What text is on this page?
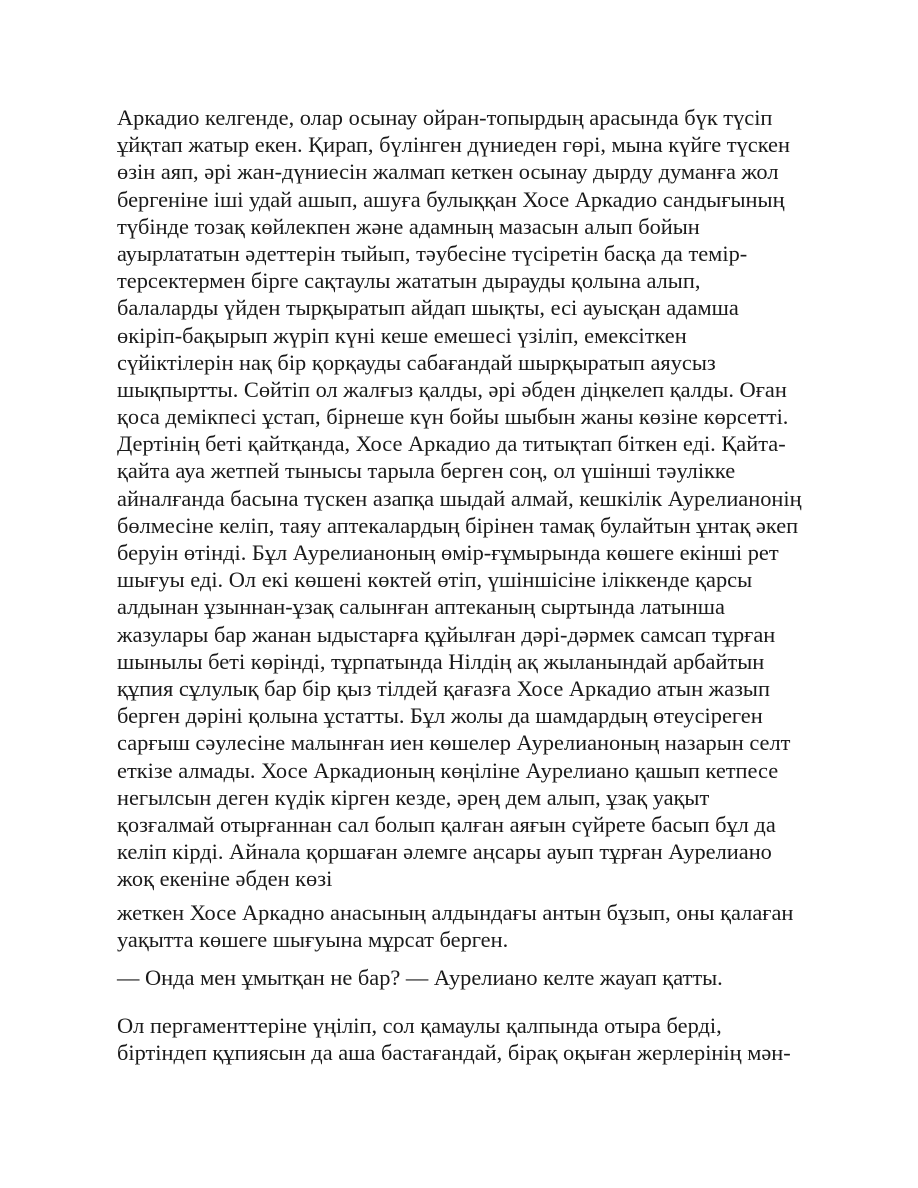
Аркадио келгенде, олар осынау ойран-топырдың арасында бүк түсіп
ұйқтап жатыр екен. Қирап, бүлінген дүниеден гөрі, мына күйге түскен
өзін аяп, әрі жан-дүниесін жалмап кеткен осынау дырду думанға жол
бергеніне іші удай ашып, ашуға булыққан Хосе Аркадио сандығының
түбінде тозақ көйлекпен және адамның мазасын алып бойын
ауырлататын әдеттерін тыйып, тәубесіне түсіретін басқа да темір-
терсектермен бірге сақтаулы жататын дырауды қолына алып,
балаларды үйден тырқыратып айдап шықты, есі ауысқан адамша
өкіріп-бақырып жүріп күні кеше емешесі үзіліп, емексіткен
сүйіктілерін нақ бір қорқауды сабағандай шырқыратып аяусыз
шықпыртты. Сөйтіп ол жалғыз қалды, әрі әбден діңкелеп қалды. Оған
қоса демікпесі ұстап, бірнеше күн бойы шыбын жаны көзіне көрсетті.
Дертінің беті қайтқанда, Хосе Аркадио да титықтап біткен еді. Қайта-
қайта ауа жетпей тынысы тарыла берген соң, ол үшінші тәулікке
айналғанда басына түскен азапқа шыдай алмай, кешкілік Аурелианонің
бөлмесіне келіп, таяу аптекалардың бірінен тамақ булайтын ұнтақ әкеп
беруін өтінді. Бұл Аурелианоның өмір-ғұмырында көшеге екінші рет
шығуы еді. Ол екі көшені көктей өтіп, үшіншісіне іліккенде қарсы
алдынан ұзыннан-ұзақ салынған аптеканың сыртында латынша
жазулары бар жанан ыдыстарға құйылған дәрі-дәрмек самсап тұрған
шынылы беті көрінді, тұрпатында Нілдің ақ жыланындай арбайтын
құпия сұлулық бар бір қыз тілдей қағазға Хосе Аркадио атын жазып
берген дәріні қолына ұстатты. Бұл жолы да шамдардың өтеусіреген
сарғыш сәулесіне малынған иен көшелер Аурелианоның назарын селт
еткізе алмады. Хосе Аркадионың көңіліне Аурелиано қашып кетпесе
негылсын деген күдік кірген кезде, әрең дем алып, ұзақ уақыт
қозғалмай отырғаннан сал болып қалған аяғын сүйрете басып бұл да
келіп кірді. Айнала қоршаған әлемге аңсары ауып тұрған Аурелиано
жоқ екеніне әбден көзі
жеткен Хосе Аркадно анасының алдындағы антын бұзып, оны қалаған
уақытта көшеге шығуына мұрсат берген.
— Онда мен ұмытқан не бар? — Аурелиано келте жауап қатты.
Ол пергаменттеріне үңіліп, сол қамаулы қалпында отыра берді,
біртіндеп құпиясын да аша бастағандай, бірақ оқыған жерлерінің мән-
